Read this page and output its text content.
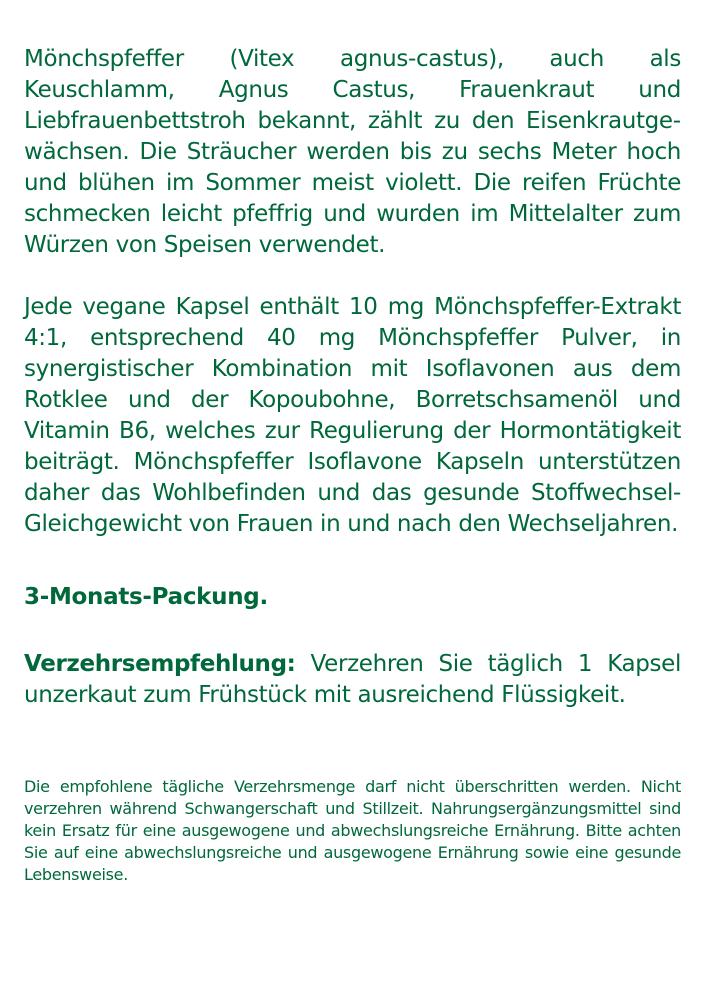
Mönchspfeffer (Vitex agnus-castus), auch als Keuschlamm, Agnus Castus, Frauenkraut und Liebfrauenbettstroh bekannt, zählt zu den Eisenkrautgewächsen. Die Sträucher werden bis zu sechs Meter hoch und blühen im Sommer meist violett. Die reifen Früchte schmecken leicht pfeffrig und wurden im Mittelalter zum Würzen von Speisen verwendet.

Jede vegane Kapsel enthält 10 mg Mönchspfeffer-Extrakt 4:1, entsprechend 40 mg Mönchspfeffer Pulver, in synergistischer Kombination mit Isoflavonen aus dem Rotklee und der Kopoubohne, Borretschsamenöl und Vitamin B6, welches zur Regulierung der Hormontätigkeit beiträgt. Mönchspfeffer Isoflavone Kapseln unterstützen daher das Wohlbefinden und das gesunde Stoffwechsel-Gleichgewicht von Frauen in und nach den Wechseljahren.

3-Monats-Packung.

Verzehrsempfehlung: Verzehren Sie täglich 1 Kapsel unzerkaut zum Frühstück mit ausreichend Flüssigkeit.

Die empfohlene tägliche Verzehrsmenge darf nicht überschritten werden. Nicht verzehren während Schwangerschaft und Stillzeit. Nahrungsergänzungsmittel sind kein Ersatz für eine ausgewogene und abwechslungsreiche Ernährung. Bitte achten Sie auf eine abwechslungsreiche und ausgewogene Ernährung sowie eine gesunde Lebensweise.
